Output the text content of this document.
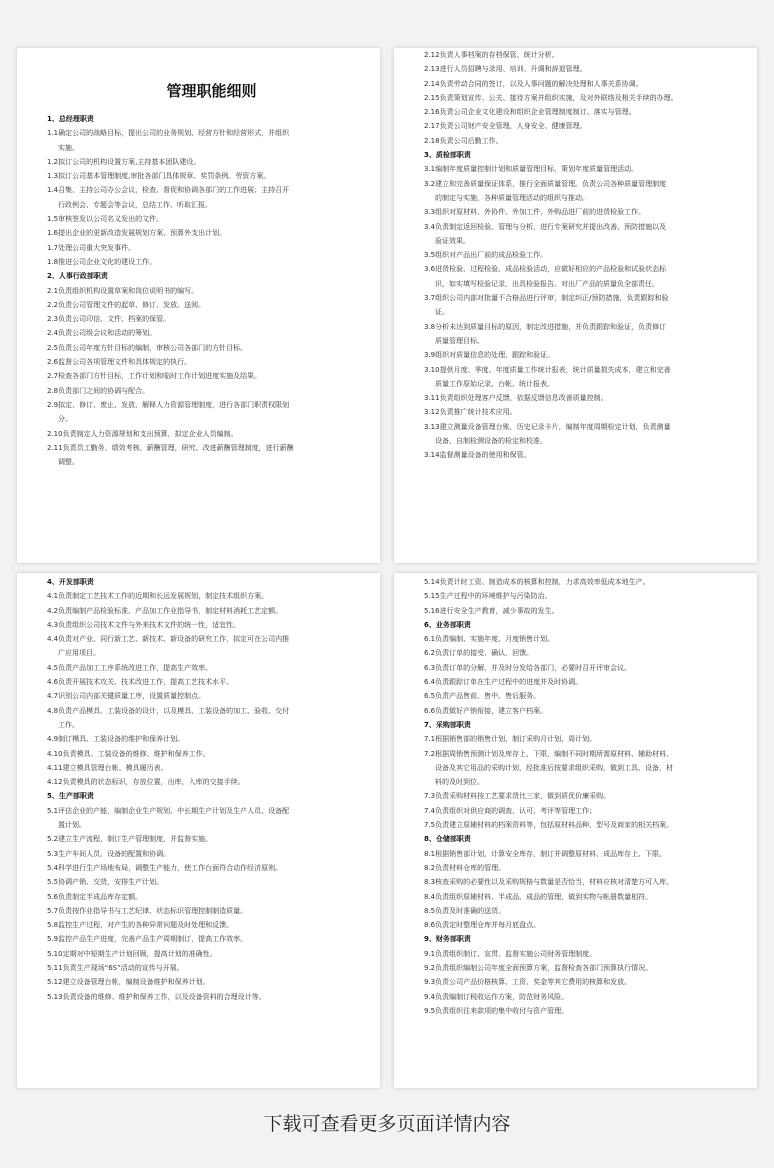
管理职能细则
1、总经理职责
1.1确定公司的战略目标，提出公司的业务规划、经营方针和经营形式，并组织
实施。
1.2拟订公司的机构设置方案,主持基本团队建设。
1.3拟订公司基本管理制度,审批各部门具体规章、奖罚条例、劳资方案。
1.4召集、主持公司办公会议，检查、督促和协调各部门的工作进展；主持召开
行政例会、专题会等会议，总结工作、听取汇报。
1.5审核签发以公司名义发出的文件。
1.6提出企业的更新改造发展规划方案、预算外支出计划。
1.7处理公司重大突发事件。
1.8推进公司企业文化的建设工作。
2、人事行政部职责
2.1负责组织机构设置草案和岗位说明书的编写。
2.2负责公司管理文件的起草、修订、发放、送阅。
2.3负责公司印信、文件、档案的保管。
2.4负责公司级会议和活动的筹划。
2.5负责公司年度方针目标的编制，审核公司各部门的方针目标。
2.6监督公司各项管理文件和具体规定的执行。
2.7检查各部门方针目标，工作计划和临时工作计划进度实施及结果。
2.8负责部门之间的协调与配合。
2.9拟定、修订、废止、发放、解释人力资源管理制度，进行各部门职责权限划
分。
2.10负责制定人力资源规划和支出预算，拟定企业人员编制。
2.11负责员工勤务、绩效考核、薪酬管理，研究、改进薪酬管理制度，进行薪酬
调整。
2.12负责人事档案的存档保管、统计分析。
2.13进行人员招聘与录用、培训、升调和辞退管理。
2.14负责劳动合同的签订，以及人事问题的解决处理和人事关系协调。
2.15负责策划宣传、公关、接待方案并组织实施，及对外联络及相关手续的办理。
2.16负责公司企业文化建设和组织企业管理制度制订、落实与管理。
2.17负责公司财产安全管理，人身安全、健康管理。
2.18负责公司后勤工作。
3、质检部职责
3.1编制年度质量控制计划和质量管理目标，策划年度质量管理活动。
3.2建立和完善质量保证体系，推行全面质量管理。负责公司各种质量管理制度
的制定与实施，各种质量管理活动的组织与推动。
3.3组织对原材料、外协件、外加工件，外购品进厂前的进货检验工作。
3.4负责制定返回检验、管理与分析，进行专案研究并提出改善、预防措施以及
验证效果。
3.5组织对产品出厂前的成品检验工作。
3.6进货检验、过程检验、成品检验活动，应做好相应的产品检验和试验状态标
识，如实填写检验记录，出具检验报告。对出厂产品的质量负全部责任。
3.7组织公司内部对批量不合格品进行评审，制定纠正/预防措施，负责跟踪和验
证。
3.8分析未达到质量目标的原因，制定改进措施，并负责跟踪和验证，负责修订
质量管理目标。
3.9组织对质量信息的处理、跟踪和验证。
3.10提供月度、季度、年度质量工作统计报表，统计质量损失成本，建立和完善
质量工作原始记录、台帐、统计报表。
3.11负责组织处理客户反馈，依据反馈信息改善质量控制。
3.12负责推广统计技术应用。
3.13建立测量设备管理台账，历史记录卡片，编制年度周期检定计划，负责测量
设备、自制检测设备的检定和校准。
3.14监督测量设备的使用和保管。
4、开发部职责
4.1负责制定工艺技术工作的近期和长远发展规划，制定技术组织方案。
4.2负责编制产品检验标准、产品加工作业指导书，制定材料消耗工艺定额。
4.3负责组织公司技术文件与外来技术文件的统一性，适宜性。
4.4负责对产业、同行新工艺、新技术、新设备的研究工作，拟定可在公司内推
广应用项目。
4.5负责产品加工工序系统改进工作，提高生产效率。
4.6负责开展技术攻关、技术改进工作，提高工艺技术水平。
4.7识别公司内部关键质量工序，设置质量控制点。
4.8负责产品模具、工装设备的设计，以及模具、工装设备的加工、验收、交付
工作。
4.9制订模具、工装设备的维护和保养计划。
4.10负责模具、工装设备的维修、维护和保养工作。
4.11建立模具管理台帐、模具履历表。
4.12负责模具的状态标识，存放位置，出库，入库的交接手续。
5、生产部职责
5.1评估企业的产能，编制企业生产规划、中长期生产计划及生产人员、设备配
置计划。
5.2建立生产流程，制订生产管理制度，并监督实施。
5.3生产车间人员、设备的配置和协调。
5.4科学进行生产场地布局，调整生产能力，使工作台面符合动作经济原则。
5.5协调产销、交货，安排生产计划。
5.6负责制定半成品库存定额。
5.7负责按作业指导书与工艺纪律、状态标识管理控制制造质量。
5.8监控生产过程，对产生的各种异常问题及时处理和反馈。
5.9监控产品生产进度，完善产品生产周期制订，提高工作效率。
5.10定期对中短期生产计划回顾，提高计划的准确性。
5.11负责生产现场“6S”活动的宣传与开展。
5.12建立设备管理台帐，编制设备维护和保养计划。
5.13负责设备的维修、维护和保养工作，以及设备资料的合理设计等。
5.14负责计时工资、制造成本的核算和控制，力求高效率低成本地生产。
5.15生产过程中的环境维护与污染防治。
5.16进行安全生产教育，减少事故的发生。
6、业务部职责
6.1负责编制、实施年度、月度销售计划。
6.2负责订单的接受、确认、回馈。
6.3负责订单的分解，并及时分发给各部门，必要时召开评审会议。
6.4负责跟踪订单在生产过程中的进度并及时协调。
6.5负责产品售前、售中、售后服务。
6.6负责做好产销衔接，建立客户档案。
7、采购部职责
7.1根据销售部的销售计划，制订采购月计划、周计划。
7.2根据周销售预测计划及库存上，下限，编制不同时期所需原材料、辅助材料、
设备及其它用品的采购计划，经批准后按要求组织采购，做到工具、设备、材
料的及时到位。
7.3负责采购材料按工艺要求货比三家，做到质优价廉采购。
7.4负责组织对供应商的调查、认可、考评等管理工作；
7.5负责建立原辅材料的档案资料等，包括原材料品种、型号及商家的相关档案。
8、仓储部职责
8.1根据销售部计划，计算安全库存，制订并调整原材料、成品库存上、下限。
8.2负责材料仓库的管理。
8.3核查采购的必要性以及采购规格与数量是否恰当，材料应核对清楚方可入库。
8.4负责组织原辅材料、半成品、成品的管理，做到实物与帐册数量相符。
8.5负责及时准确的送货。
8.6负责定时整理仓库并每月底盘点。
9、财务部职责
9.1负责组织制订、宣贯、监督实施公司财务管理制度。
9.2负责组织编制公司年度全面预算方案，监督检查各部门预算执行情况。
9.3负责公司产品价格核算、工资、奖金等其它费用的核算和发放。
9.4负责编制订税收运作方案，防范财务风险。
9.5负责组织往来款项的集中收付与资产管理。
下载可查看更多页面详情内容
